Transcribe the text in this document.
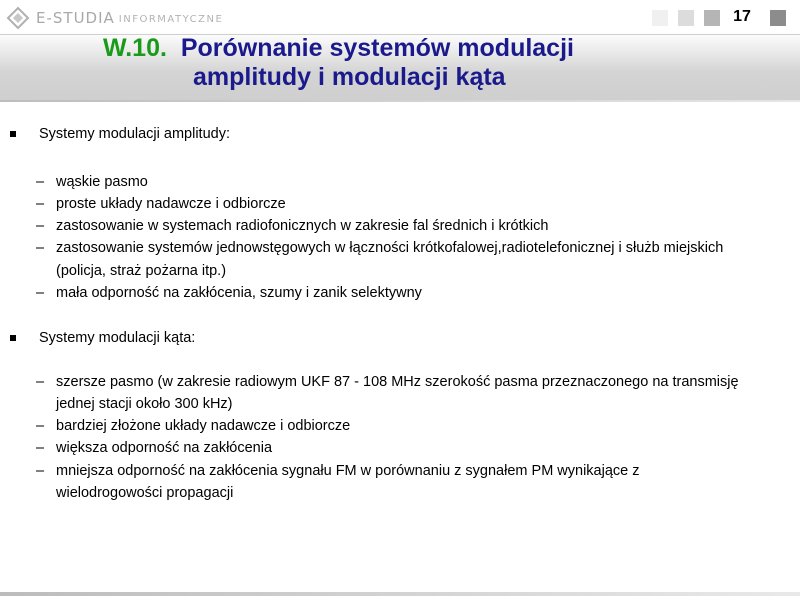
E-STUDIA INFORMATYCZNE	17
W.10. Porównanie systemów modulacji
amplitudy i modulacji kąta
Systemy modulacji amplitudy:
– wąskie pasmo
– proste układy nadawcze i odbiorcze
– zastosowanie w systemach radiofonicznych w zakresie fal średnich i krótkich
– zastosowanie systemów jednowstęgowych w łączności krótkofalowej,radiotelefonicznej i służb miejskich
(policja, straż pożarna itp.)
– mała odporność na zakłócenia, szumy i zanik selektywny
Systemy modulacji kąta:
– szersze pasmo (w zakresie radiowym UKF 87 - 108 MHz szerokość pasma przeznaczonego na transmisję
jednej stacji około 300 kHz)
– bardziej złożone układy nadawcze i odbiorcze
– większa odporność na zakłócenia
– mniejsza odporność na zakłócenia sygnału FM w porównaniu z sygnałem PM wynikające z
wielodrogowości propagacji
